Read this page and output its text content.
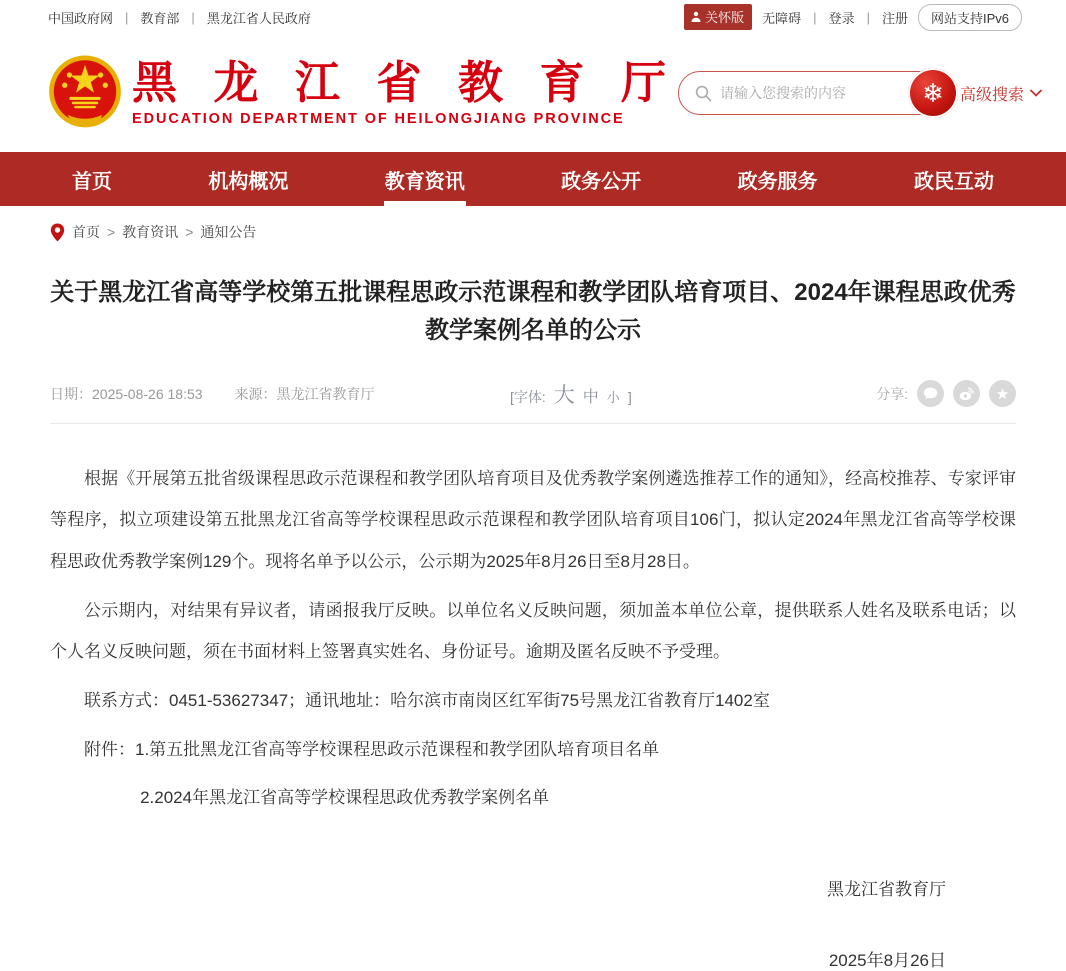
中国政府网 | 教育部 | 黑龙江省人民政府	关怀版 无障碍 | 登录 | 注册	网站支持IPv6
黑 龙 江 省 教 育 厅
EDUCATION DEPARTMENT OF HEILONGJIANG PROVINCE
请输入您搜索的内容
❄ 高级搜索
首页	机构概况	教育资讯	政务公开	政务服务	政民互动
首页 > 教育资讯 > 通知公告
关于黑龙江省高等学校第五批课程思政示范课程和教学团队培育项目、2024年课程思政优秀教学案例名单的公示
日期：2025-08-26 18:53 来源：黑龙江省教育厅	[字体: 大 中 小 ]	分享:	★

根据《开展第五批省级课程思政示范课程和教学团队培育项目及优秀教学案例遴选推荐工作的通知》，经高校推荐、专家评审等程序，拟立项建设第五批黑龙江省高等学校课程思政示范课程和教学团队培育项目106门，拟认定2024年黑龙江省高等学校课程思政优秀教学案例129个。现将名单予以公示，公示期为2025年8月26日至8月28日。

公示期内，对结果有异议者，请函报我厅反映。以单位名义反映问题，须加盖本单位公章，提供联系人姓名及联系电话；以个人名义反映问题，须在书面材料上签署真实姓名、身份证号。逾期及匿名反映不予受理。

联系方式：0451-53627347；通讯地址：哈尔滨市南岗区红军街75号黑龙江省教育厅1402室

附件：1.第五批黑龙江省高等学校课程思政示范课程和教学团队培育项目名单

2.2024年黑龙江省高等学校课程思政优秀教学案例名单

黑龙江省教育厅
2025年8月26日
